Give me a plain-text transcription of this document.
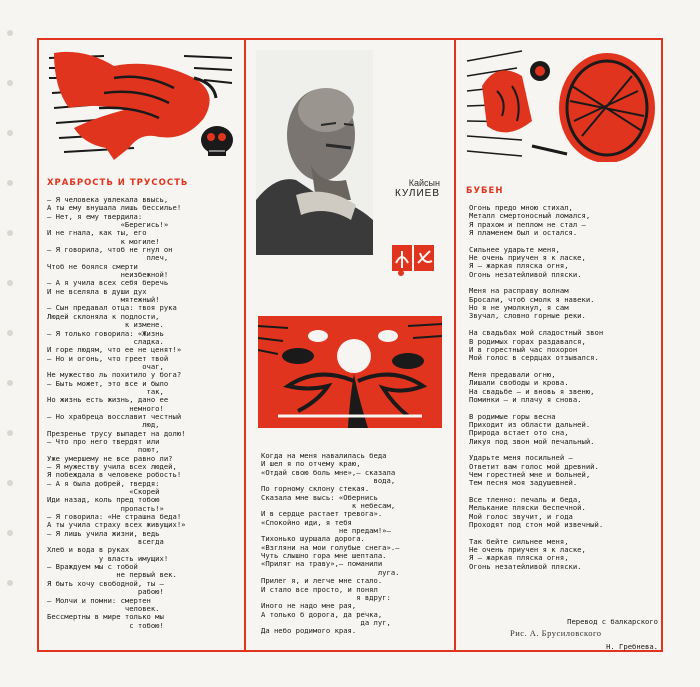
ХРАБРОСТЬ И ТРУСОСТЬ
— Я человека увлекала ввысь,
А ты ему внушала лишь бессилье!
— Нет, я ему твердила:
«Берегись!»
И не гнала, как ты, его
к могиле!
— Я говорила, чтоб не гнул он
плеч,
Чтоб не боялся смерти
неизбежной!
— А я учила всех себя беречь
И не вселяла в души дух
мятежный!
— Сын предавал отца: твоя рука
Людей склоняла к подлости,
к измене.
— Я только говорила: «Жизнь
сладка.
И горе людям, что ее не ценят!»
— Но и огонь, что греет твой
очаг,
Не мужество ль похитило у бога?
— Быть может, это все и было
так,
Но жизнь есть жизнь, дано ее
немного!
— Но храбреца восславит честный
люд,
Презренье трусу выпадет на долю!
— Что про него твердят или
поют,
Уже умершему не все равно ли?
— Я мужеству учила всех людей,
Я побеждала в человеке робость!
— А я была добрей, твердя:
«Скорей
Иди назад, коль пред тобою
пропасть!»
— Я говорила: «Не страшна беда!
А ты учила страху всех живущих!»
— Я лишь учила жизни, ведь
всегда
Хлеб и вода в руках
у власть имущих!
— Враждуем мы с тобой
не первый век.
Я быть хочу свободной, ты —
рабою!
— Молчи и помни: смертен
человек.
Бессмертны в мире только мы
с тобою!
Кайсын
КУЛИЕВ
Когда на меня навалилась беда
И шел я по отчему краю,
«Отдай свою боль мне»,— сказала
вода,
По горному склону стекая.
Сказала мне высь: «Обернись
к небесам,
И в сердце растает тревога».
«Спокойно иди, я тебя
не предам!»—
Тихонько шуршала дорога.
«Взгляни на мои голубые снега».—
Чуть слышно гора мне шептала.
«Приляг на траву»,— поманили
луга.
Прилег я, и легче мне стало.
И стало все просто, и понял
я вдруг:
Иного не надо мне рая,
А только б дорога, да речка,
да луг,
Да небо родимого края.
БУБЕН
Огонь предо мною стихал,
Металл смертоносный ломался,
Я прахом и пеплом не стал —
Я пламенем был и остался.
Сильнее ударьте меня,
Не очень приучен я к ласке,
Я — жаркая пляска огня,
Огонь незатейливой пляски.
Меня на расправу волнам
Бросали, чтоб смолк я навеки.
Но я не умолкнул, я сам
Звучал, словно горные реки.
На свадьбах мой сладостный звон
В родимых горах раздавался,
И в горестный час похорон
Мой голос в сердцах отзывался.
Меня предавали огню,
Лишали свободы и крова.
На свадьбе — и вновь я звеню,
Поминки — и плачу я снова.
В родимые горы весна
Приходит из области дальней.
Природа встает ото сна,
Ликуя под звон мой печальный.
Ударьте меня посильней —
Ответит вам голос мой древний.
Чем горестней мне и больней,
Тем песня моя задушевней.
Все тленно: печаль и беда,
Мелькание пляски беспечной.
Мой голос звучит, и года
Проходят под стон мой извечный.
Так бейте сильнее меня,
Не очень приучен я к ласке,
Я — жаркая пляска огня,
Огонь незатейливой пляски.

Перевод с балкарского

Н. Гребнева.

Рис. А. Брусиловского
